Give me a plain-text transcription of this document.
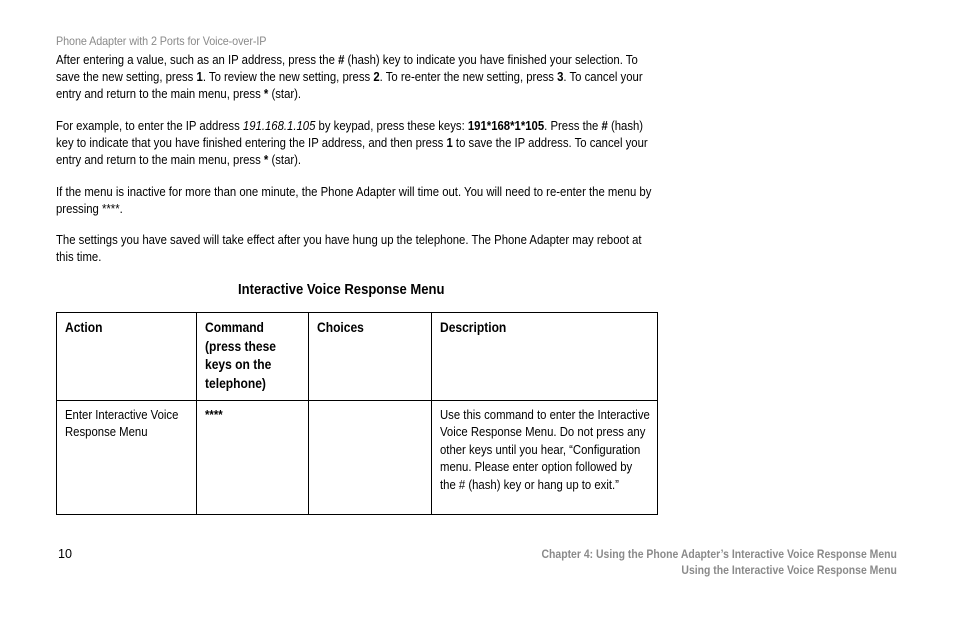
Phone Adapter with 2 Ports for Voice-over-IP

After entering a value, such as an IP address, press the # (hash) key to indicate you have finished your selection. To save the new setting, press 1. To review the new setting, press 2. To re-enter the new setting, press 3. To cancel your entry and return to the main menu, press * (star).

For example, to enter the IP address 191.168.1.105 by keypad, press these keys: 191*168*1*105. Press the # (hash) key to indicate that you have finished entering the IP address, and then press 1 to save the IP address. To cancel your entry and return to the main menu, press * (star).

If the menu is inactive for more than one minute, the Phone Adapter will time out. You will need to re-enter the menu by pressing ****.

The settings you have saved will take effect after you have hung up the telephone. The Phone Adapter may reboot at this time.

Interactive Voice Response Menu
Action	Command (press these keys on the telephone)	Choices	Description

Enter Interactive Voice Response Menu	****		Use this command to enter the Interactive Voice Response Menu. Do not press any other keys until you hear, “Configuration menu. Please enter option followed by the # (hash) key or hang up to exit.”
10	Chapter 4: Using the Phone Adapter’s Interactive Voice Response Menu
Using the Interactive Voice Response Menu
